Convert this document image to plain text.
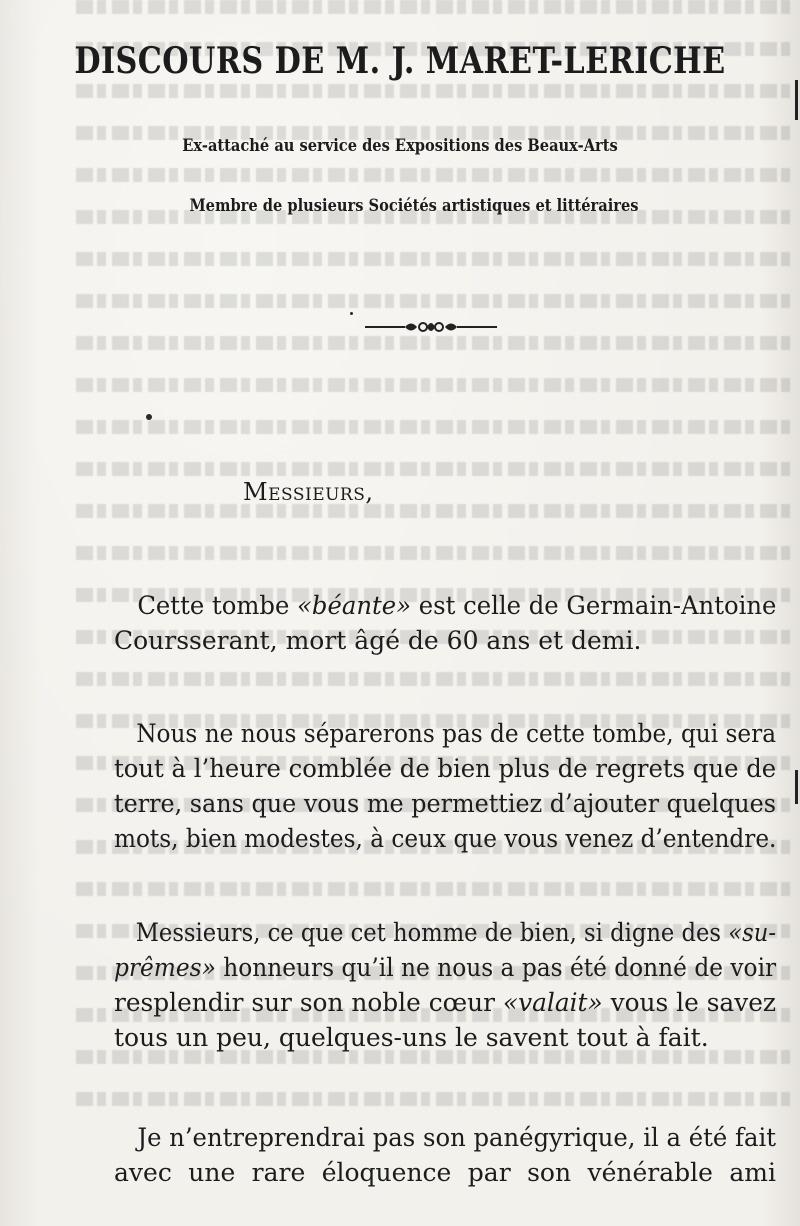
DISCOURS DE M. J. MARET-LERICHE
Ex-attaché au service des Expositions des Beaux-Arts
Membre de plusieurs Sociétés artistiques et littéraires
Messieurs,
Cette tombe «béante» est celle de Germain-Antoine
Coursserant, mort âgé de 60 ans et demi.
Nous ne nous séparerons pas de cette tombe, qui sera
tout à l’heure comblée de bien plus de regrets que de
terre, sans que vous me permettiez d’ajouter quelques
mots, bien modestes, à ceux que vous venez d’entendre.
Messieurs, ce que cet homme de bien, si digne des «su-
prêmes» honneurs qu’il ne nous a pas été donné de voir
resplendir sur son noble cœur «valait» vous le savez
tous un peu, quelques-uns le savent tout à fait.
Je n’entreprendrai pas son panégyrique, il a été fait
avec une rare éloquence par son vénérable ami
